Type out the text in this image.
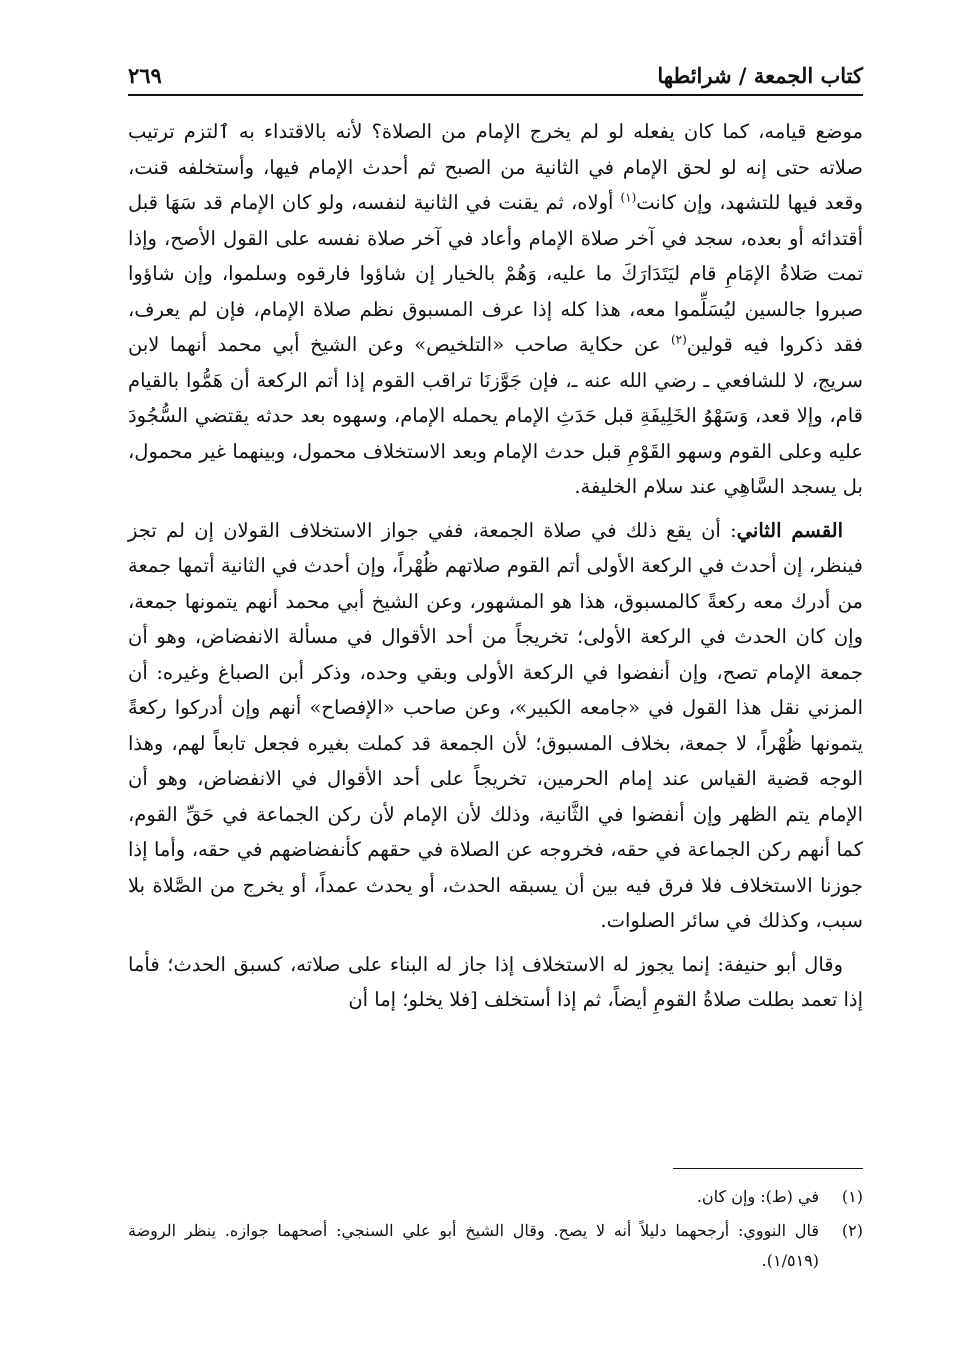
كتاب الجمعة / شرائطها
٢٦٩

موضع قيامه، كما كان يفعله لو لم يخرج الإمام من الصلاة؟ لأنه بالاقتداء به ٱلتزم ترتيب صلاته حتى إنه لو لحق الإمام في الثانية من الصبح ثم أحدث الإمام فيها، وأستخلفه قنت، وقعد فيها للتشهد، وإن كانت$^{(١)}$ أولاه، ثم يقنت في الثانية لنفسه، ولو كان الإمام قد سَهَا قبل أقتدائه أو بعده، سجد في آخر صلاة الإمام وأعاد في آخر صلاة نفسه على القول الأصح، وإذا تمت صَلاةُ الإمَامِ قام ليَتَدَارَكَ ما عليه، وَهُمْ بالخيار إن شاؤوا فارقوه وسلموا، وإن شاؤوا صبروا جالسين ليُسَلِّموا معه، هذا كله إذا عرف المسبوق نظم صلاة الإمام، فإن لم يعرف، فقد ذكروا فيه قولين$^{(٢)}$ عن حكاية صاحب «التلخيص» وعن الشيخ أبي محمد أنهما لابن سريج، لا للشافعي ـ رضي الله عنه ـ، فإن جَوَّزنَا تراقب القوم إذا أتم الركعة أن هَمُّوا بالقيام قام، وإلا قعد، وَسَهْوُ الخَلِيفَةِ قبل حَدَثِ الإمام يحمله الإمام، وسهوه بعد حدثه يقتضي السُّجُودَ عليه وعلى القوم وسهو القَوْمِ قبل حدث الإمام وبعد الاستخلاف محمول، وبينهما غير محمول، بل يسجد السَّاهِي عند سلام الخليفة.

القسم الثاني: أن يقع ذلك في صلاة الجمعة، ففي جواز الاستخلاف القولان إن لم تجز فينظر، إن أحدث في الركعة الأولى أتم القوم صلاتهم ظُهْراً، وإن أحدث في الثانية أتمها جمعة من أدرك معه ركعةً كالمسبوق، هذا هو المشهور، وعن الشيخ أبي محمد أنهم يتمونها جمعة، وإن كان الحدث في الركعة الأولى؛ تخريجاً من أحد الأقوال في مسألة الانفضاض، وهو أن جمعة الإمام تصح، وإن أنفضوا في الركعة الأولى وبقي وحده، وذكر أبن الصباغ وغيره: أن المزني نقل هذا القول في «جامعه الكبير»، وعن صاحب «الإفصاح» أنهم وإن أدركوا ركعةً يتمونها ظُهْراً، لا جمعة، بخلاف المسبوق؛ لأن الجمعة قد كملت بغيره فجعل تابعاً لهم، وهذا الوجه قضية القياس عند إمام الحرمين، تخريجاً على أحد الأقوال في الانفضاض، وهو أن الإمام يتم الظهر وإن أنفضوا في الثَّانية، وذلك لأن الإمام لأن ركن الجماعة في حَقِّ القوم، كما أنهم ركن الجماعة في حقه، فخروجه عن الصلاة في حقهم كأنفضاضهم في حقه، وأما إذا جوزنا الاستخلاف فلا فرق فيه بين أن يسبقه الحدث، أو يحدث عمداً، أو يخرج من الصَّلاة بلا سبب، وكذلك في سائر الصلوات.

وقال أبو حنيفة: إنما يجوز له الاستخلاف إذا جاز له البناء على صلاته، كسبق الحدث؛ فأما إذا تعمد بطلت صلاةُ القومِ أيضاً، ثم إذا أستخلف [فلا يخلو؛ إما أن

(١)
في (ط): وإن كان.
(٢)
قال النووي: أرجحهما دليلاً أنه لا يصح. وقال الشيخ أبو علي السنجي: أصحهما جوازه. ينظر الروضة (١/٥١٩).
